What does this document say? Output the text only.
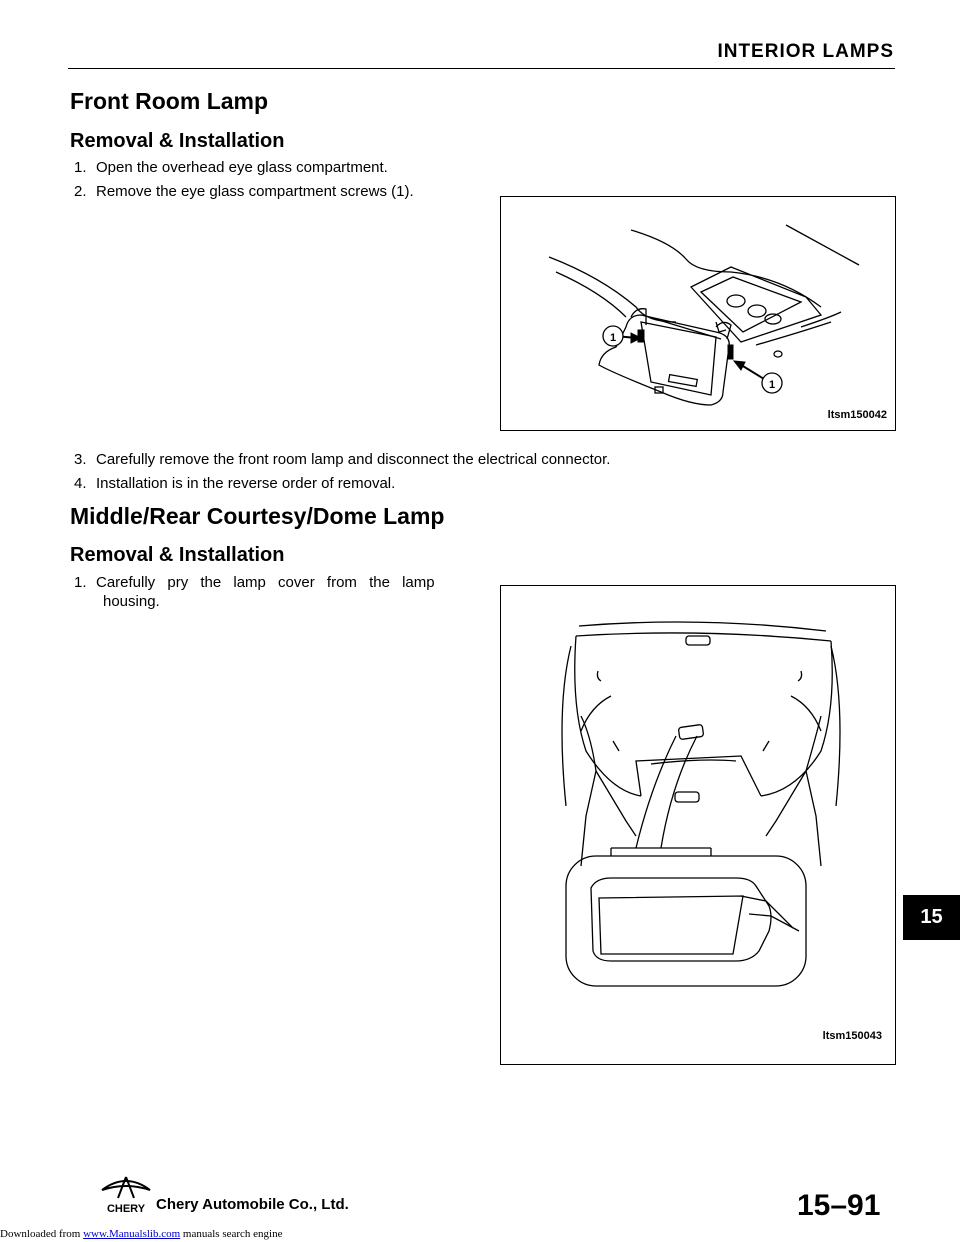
INTERIOR LAMPS
Front Room Lamp
Removal & Installation
1. Open the overhead eye glass compartment.
2. Remove the eye glass compartment screws (1).
1
1
ltsm150042
3. Carefully remove the front room lamp and disconnect the electrical connector.
4. Installation is in the reverse order of removal.
Middle/Rear Courtesy/Dome Lamp
Removal & Installation
1. Carefully pry the lamp cover from the lamp
housing.
ltsm150043
15
CHERY Chery Automobile Co., Ltd.	15–91
Downloaded from www.Manualslib.com manuals search engine
